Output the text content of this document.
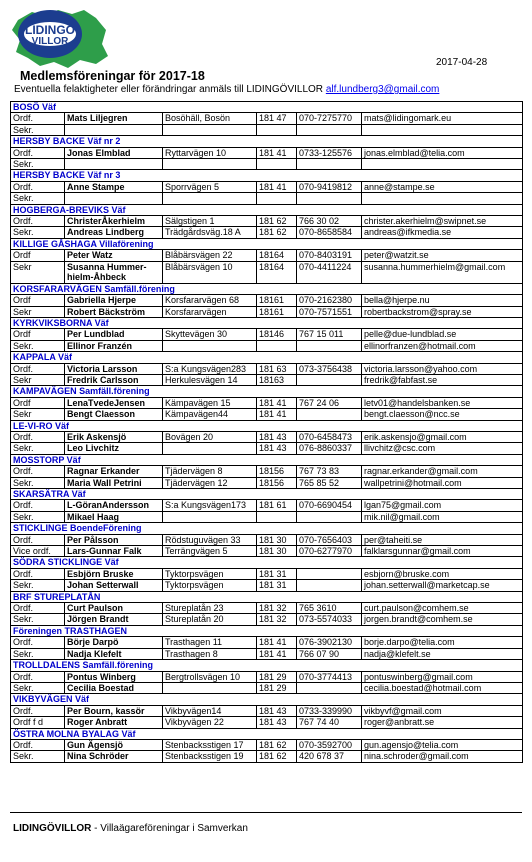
LIDINGÖ
VILLOR
2017-04-28
Medlemsföreningar för 2017-18
Eventuella felaktigheter eller förändringar anmäls till LIDINGÖVILLOR alf.lundberg3@gmail.com
BOSÖ Väf					
Ordf.	Mats Liljegren	Bosöhäll, Bosön	181 47	070-7275770	mats@lidingomark.eu
Sekr.					
HERSBY BACKE Väf nr 2					
Ordf.	Jonas Elmblad	Ryttarvägen 10	181 41	0733-125576	jonas.elmblad@telia.com
Sekr.					
HERSBY BACKE Väf nr 3					
Ordf.	Anne Stampe	Sporrvägen 5	181 41	070-9419812	anne@stampe.se
Sekr.					
HOGBERGA-BREVIKS Väf					
Ordf.	ChristerÅkerhielm	Sälgstigen 1	181 62	766 30 02	christer.akerhielm@swipnet.se
Sekr.	Andreas Lindberg	Trädgårdsväg.18 A	181 62	070-8658584	andreas@ifkmedia.se
KILLIGE GÅSHAGA Villaförening					
Ordf	Peter Watz	Blåbärsvägen 22	18164	070-8403191	peter@watzit.se
Sekr	Susanna Hummer-hielm-Åhbeck	Blåbärsvägen 10	18164	070-4411224	susanna.hummerhielm@gmail.com
KORSFARARVÄGEN Samfäll.förening					
Ordf	Gabriella Hjerpe	Korsfararvägen 68	18161	070-2162380	bella@hjerpe.nu
Sekr	Robert Bäckström	Korsfararvägen	18161	070-7571551	robertbackstrom@spray.se
KYRKVIKSBORNA Väf					
Ordf	Per Lundblad	Skyttevägen 30	18146	767 15 011	pelle@due-lundblad.se
Sekr.	Ellinor Franzén				ellinorfranzen@hotmail.com
KAPPALA Väf					
Ordf.	Victoria Larsson	S:a Kungsvägen283	181 63	073-3756438	victoria.larsson@yahoo.com
Sekr	Fredrik Carlsson	Herkulesvägen 14	18163		fredrik@fabfast.se
KAMPAVÄGEN Samfäll.förening					
Ordf	LenaTvedeJensen	Kämpavägen 15	181 41	767 24 06	letv01@handelsbanken.se
Sekr	Bengt Claesson	Kämpavägen44	181 41		bengt.claesson@ncc.se
LE-VI-RO Väf					
Ordf.	Erik Askensjö	Bovägen 20	181 43	070-6458473	erik.askensjo@gmail.com
Sekr.	Leo Livchitz		181 43	076-8860337	llivchitz@csc.com
MOSSTORP Väf					
Ordf.	Ragnar Erkander	Tjädervägen 8	18156	767 73 83	ragnar.erkander@gmail.com
Sekr.	Maria Wall Petrini	Tjädervägen 12	18156	765 85 52	wallpetrini@hotmail.com
SKARSÄTRA Väf					
Ordf.	L-GöranAndersson	S:a Kungsvägen173	181 61	070-6690454	lgan75@gmail.com
Sekr.	Mikael Haag				mik.nil@gmail.com
STICKLINGE BoendeFörening					
Ordf.	Per Pålsson	Rödstuguvägen 33	181 30	070-7656403	per@taheiti.se
Vice ordf.	Lars-Gunnar Falk	Terrängvägen 5	181 30	070-6277970	falklarsgunnar@gmail.com
SÖDRA STICKLINGE Väf					
Ordf.	Esbjörn Bruske	Tyktorpsvägen	181 31		esbjorn@bruske.com
Sekr.	Johan Setterwall	Tyktorpsvägen	181 31		johan.setterwall@marketcap.se
BRF STUREPLATÅN					
Ordf.	Curt Paulson	Stureplatån 23	181 32	765 3610	curt.paulson@comhem.se
Sekr.	Jörgen Brandt	Stureplatån 20	181 32	073-5574033	jorgen.brandt@comhem.se
Föreningen TRASTHAGEN					
Ordf.	Börje Darpö	Trasthagen 11	181 41	076-3902130	borje.darpo@telia.com
Sekr.	Nadja Klefelt	Trasthagen 8	181 41	766 07 90	nadja@klefelt.se
TROLLDALENS Samfäll.förening					
Ordf.	Pontus Winberg	Bergtrollsvägen 10	181 29	070-3774413	pontuswinberg@gmail.com
Sekr.	Cecilia Boestad		181 29		cecilia.boestad@hotmail.com
VIKBYVÄGEN Väf					
Ordf.	Per Bourn, kassör	Vikbyvägen14	181 43	0733-339990	vikbyvf@gmail.com
Ordf f d	Roger Anbratt	Vikbyvägen 22	181 43	767 74 40	roger@anbratt.se
ÖSTRA MOLNA BYALAG Väf					
Ordf.	Gun Ägensjö	Stenbacksstigen 17	181 62	070-3592700	gun.agensjo@telia.com
Sekr.	Nina Schröder	Stenbacksstigen 19	181 62	420 678 37	nina.schroder@gmail.com
LIDINGÖVILLOR - Villaägareföreningar i Samverkan
